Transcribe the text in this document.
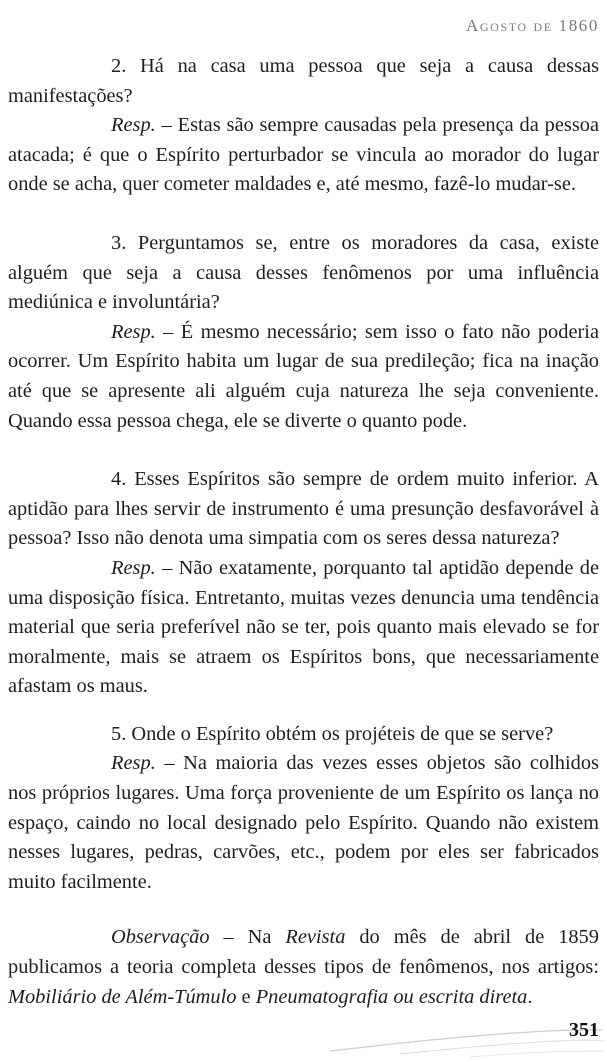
Agosto de 1860

2. Há na casa uma pessoa que seja a causa dessas manifestações?

Resp. – Estas são sempre causadas pela presença da pessoa atacada; é que o Espírito perturbador se vincula ao morador do lugar onde se acha, quer cometer maldades e, até mesmo, fazê-lo mudar-se.

3. Perguntamos se, entre os moradores da casa, existe alguém que seja a causa desses fenômenos por uma influência mediúnica e involuntária?

Resp. – É mesmo necessário; sem isso o fato não poderia ocorrer. Um Espírito habita um lugar de sua predileção; fica na inação até que se apresente ali alguém cuja natureza lhe seja conveniente. Quando essa pessoa chega, ele se diverte o quanto pode.

4. Esses Espíritos são sempre de ordem muito inferior. A aptidão para lhes servir de instrumento é uma presunção desfavorável à pessoa? Isso não denota uma simpatia com os seres dessa natureza?

Resp. – Não exatamente, porquanto tal aptidão depende de uma disposição física. Entretanto, muitas vezes denuncia uma tendência material que seria preferível não se ter, pois quanto mais elevado se for moralmente, mais se atraem os Espíritos bons, que necessariamente afastam os maus.

5. Onde o Espírito obtém os projéteis de que se serve?

Resp. – Na maioria das vezes esses objetos são colhidos nos próprios lugares. Uma força proveniente de um Espírito os lança no espaço, caindo no local designado pelo Espírito. Quando não existem nesses lugares, pedras, carvões, etc., podem por eles ser fabricados muito facilmente.

Observação – Na Revista do mês de abril de 1859 publicamos a teoria completa desses tipos de fenômenos, nos artigos: Mobiliário de Além-Túmulo e Pneumatografia ou escrita direta.

351
